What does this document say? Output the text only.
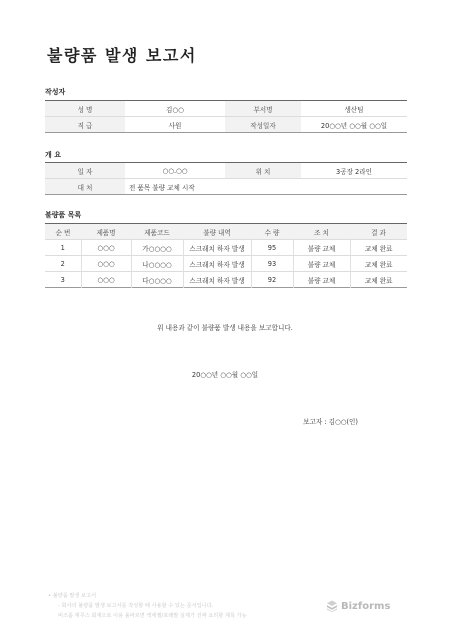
불량품 발생 보고서
작성자
성 명	김○○	부서명	생산팀
직 급	사원	작성일자	20○○년 ○○월 ○○일
개 요
일 자	○○.○○	위 치	3공장 2라인
대 처	전 품목 불량 교체 시작		
불량품 목록
순 번	제품명	제품코드	불량 내역	수 량	조 치	결 과
1	○○○	가○○○○	스크래치 하자 발생	95	불량 교체	교체 완료
2	○○○	나○○○○	스크래치 하자 발생	93	불량 교체	교체 완료
3	○○○	다○○○○	스크래치 하자 발생	92	불량 교체	교체 완료
위 내용과 같이 불량품 발생 내용을 보고합니다.
20○○년 ○○월 ○○일
보고자 : 김○○(인)
• 불량품 발생 보고서
- 회사의 불량품 발생 보고서를 작성할 때 사용할 수 있는 문서입니다.
비즈폼 재무스 회계으로 이용 올바르면 액세쩔/포레발 실제가 진짜 요리할 제목 가능
Bizforms
